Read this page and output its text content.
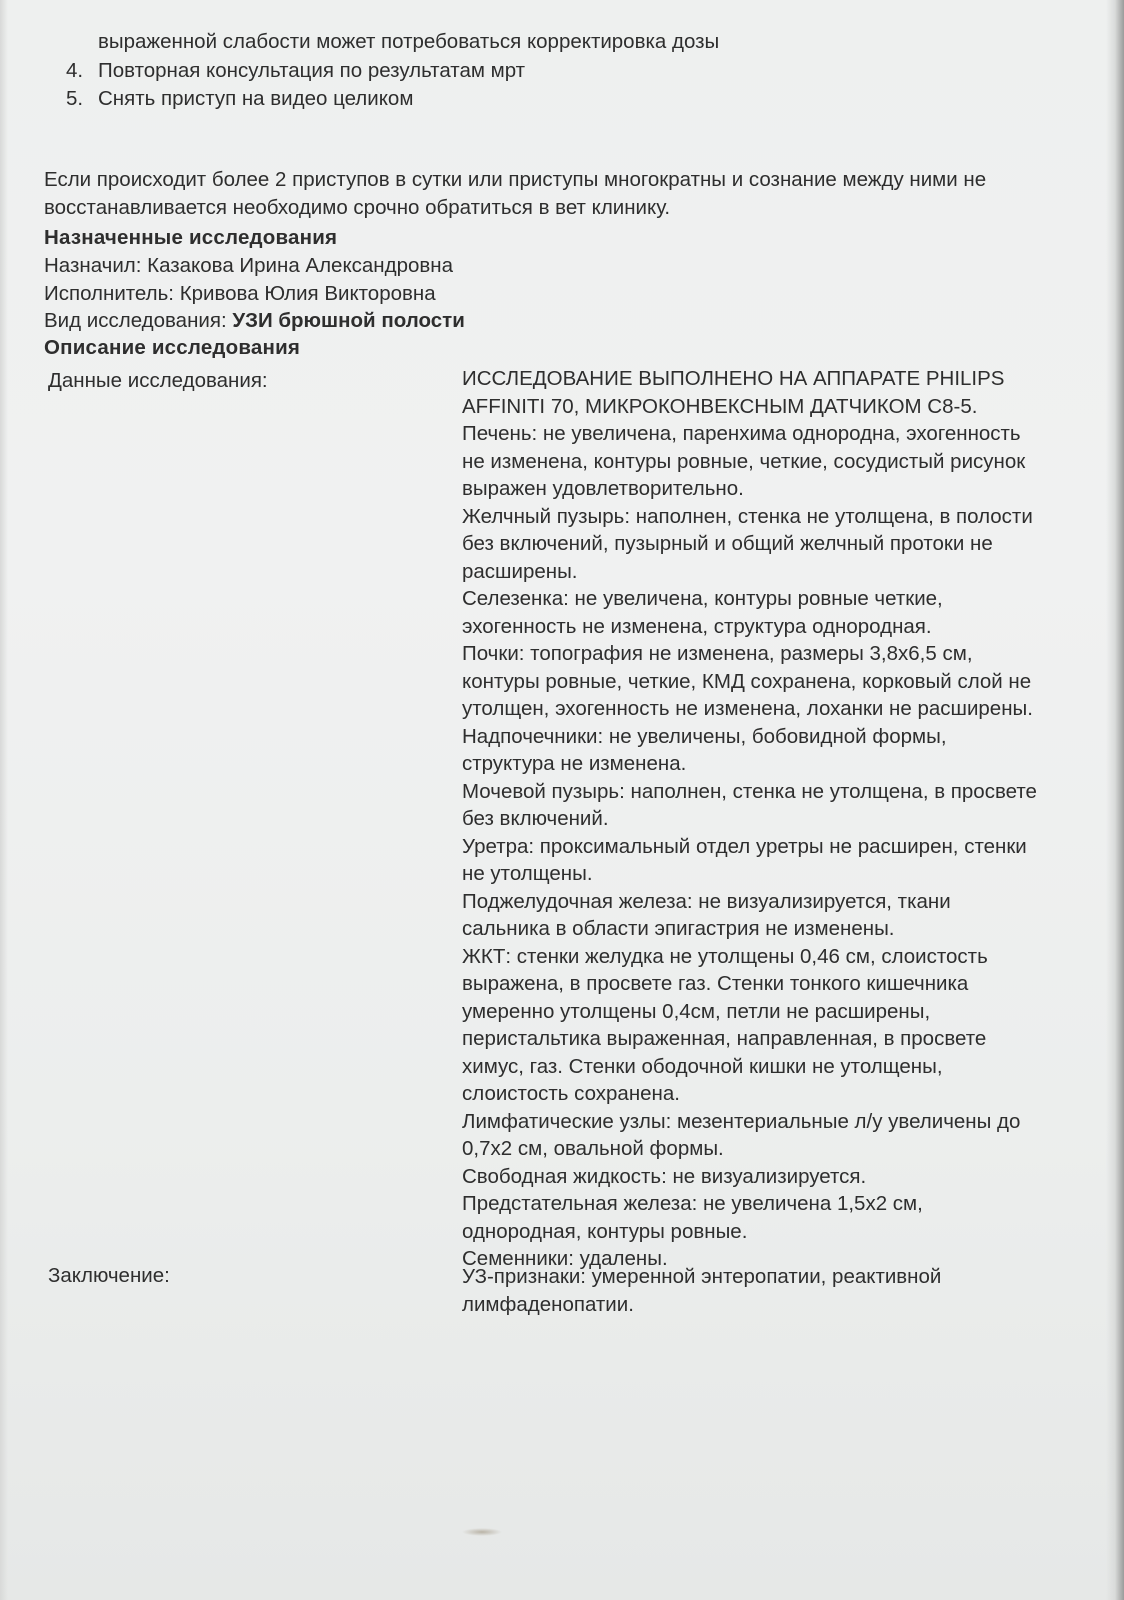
выраженной слабости может потребоваться корректировка дозы
4. Повторная консультация по результатам мрт
5. Снять приступ на видео целиком
Если происходит более 2 приступов в сутки или приступы многократны и сознание между ними не
восстанавливается необходимо срочно обратиться в вет клинику.
Назначенные исследования
Назначил: Казакова Ирина Александровна
Исполнитель: Кривова Юлия Викторовна
Вид исследования: УЗИ брюшной полости
Описание исследования
Данные исследования:	ИССЛЕДОВАНИЕ ВЫПОЛНЕНО НА АППАРАТЕ PHILIPS
AFFINITI 70, МИКРОКОНВЕКСНЫМ ДАТЧИКОМ С8-5.
Печень: не увеличена, паренхима однородна, эхогенность
не изменена, контуры ровные, четкие, сосудистый рисунок
выражен удовлетворительно.
Желчный пузырь: наполнен, стенка не утолщена, в полости
без включений, пузырный и общий желчный протоки не
расширены.
Селезенка: не увеличена, контуры ровные четкие,
эхогенность не изменена, структура однородная.
Почки: топография не изменена, размеры 3,8х6,5 см,
контуры ровные, четкие, КМД сохранена, корковый слой не
утолщен, эхогенность не изменена, лоханки не расширены.
Надпочечники: не увеличены, бобовидной формы,
структура не изменена.
Мочевой пузырь: наполнен, стенка не утолщена, в просвете
без включений.
Уретра: проксимальный отдел уретры не расширен, стенки
не утолщены.
Поджелудочная железа: не визуализируется, ткани
сальника в области эпигастрия не изменены.
ЖКТ: стенки желудка не утолщены 0,46 см, слоистость
выражена, в просвете газ. Стенки тонкого кишечника
умеренно утолщены 0,4см, петли не расширены,
перистальтика выраженная, направленная, в просвете
химус, газ. Стенки ободочной кишки не утолщены,
слоистость сохранена.
Лимфатические узлы: мезентериальные л/у увеличены до
0,7х2 см, овальной формы.
Свободная жидкость: не визуализируется.
Предстательная железа: не увеличена 1,5х2 см,
однородная, контуры ровные.
Семенники: удалены.
Заключение:	УЗ-признаки: умеренной энтеропатии, реактивной
лимфаденопатии.
